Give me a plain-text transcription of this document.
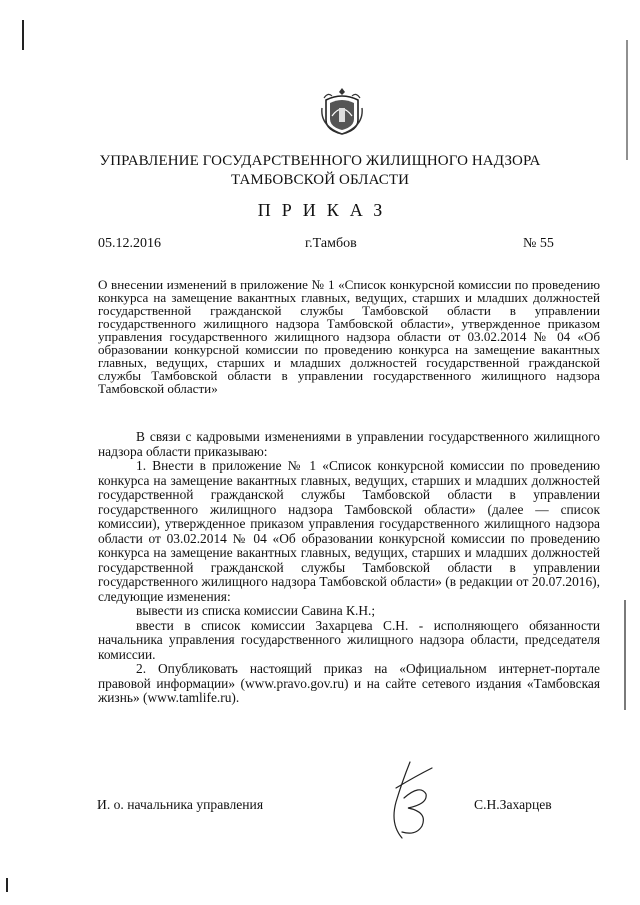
УПРАВЛЕНИЕ ГОСУДАРСТВЕННОГО ЖИЛИЩНОГО НАДЗОРА
ТАМБОВСКОЙ ОБЛАСТИ
ПРИКАЗ
05.12.2016	г.Тамбов	№ 55
О внесении изменений в приложение № 1 «Список конкурсной комиссии по проведению конкурса на замещение вакантных главных, ведущих, старших и младших должностей государственной гражданской службы Тамбовской области в управлении государственного жилищного надзора Тамбовской области», утвержденное приказом управления государственного жилищного надзора области от 03.02.2014 № 04 «Об образовании конкурсной комиссии по проведению конкурса на замещение вакантных главных, ведущих, старших и младших должностей государственной гражданской службы Тамбовской области в управлении государственного жилищного надзора Тамбовской области»

В связи с кадровыми изменениями в управлении государственного жилищного надзора области приказываю:

1. Внести в приложение № 1 «Список конкурсной комиссии по проведению конкурса на замещение вакантных главных, ведущих, старших и младших должностей государственной гражданской службы Тамбовской области в управлении государственного жилищного надзора Тамбовской области» (далее — список комиссии), утвержденное приказом управления государственного жилищного надзора области от 03.02.2014 № 04 «Об образовании конкурсной комиссии по проведению конкурса на замещение вакантных главных, ведущих, старших и младших должностей государственной гражданской службы Тамбовской области в управлении государственного жилищного надзора Тамбовской области» (в редакции от 20.07.2016), следующие изменения:

вывести из списка комиссии Савина К.Н.;

ввести в список комиссии Захарцева С.Н. - исполняющего обязанности начальника управления государственного жилищного надзора области, председателя комиссии.

2. Опубликовать настоящий приказ на «Официальном интернет-портале правовой информации» (www.pravo.gov.ru) и на сайте сетевого издания «Тамбовская жизнь» (www.tamlife.ru).

И. о. начальника управления	С.Н.Захарцев
